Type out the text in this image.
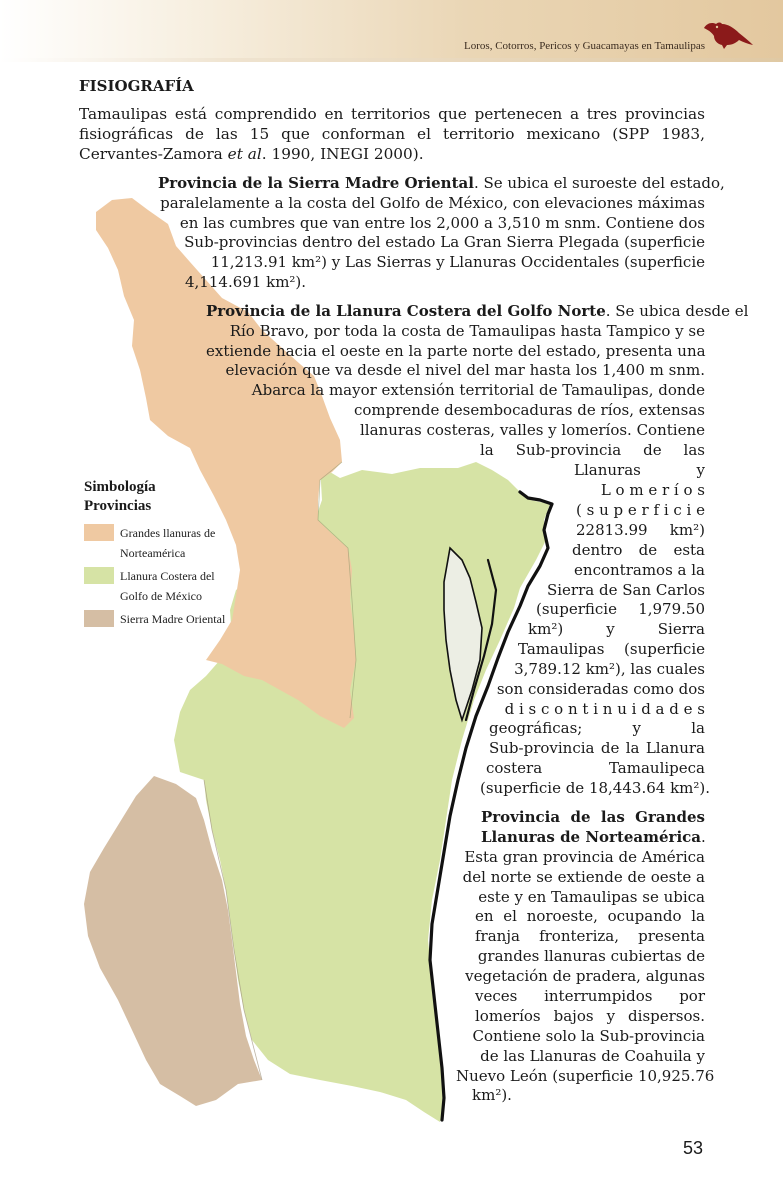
Loros, Cotorros, Pericos y Guacamayas en Tamaulipas
FISIOGRAFÍA

Tamaulipas está comprendido en territorios que pertenecen a tres provincias fisiográficas de las 15 que conforman el territorio mexicano (SPP 1983, Cervantes-Zamora et al. 1990, INEGI 2000).

Provincia de la Sierra Madre Oriental. Se ubica el suroeste del estado,
paralelamente a la costa del Golfo de México, con elevaciones máximas
en las cumbres que van entre los 2,000 a 3,510 m snm. Contiene dos
Sub-provincias dentro del estado La Gran Sierra Plegada (superficie
11,213.91 km²) y Las Sierras y Llanuras Occidentales (superficie
4,114.691 km²).

Provincia de la Llanura Costera del Golfo Norte. Se ubica desde el
Río Bravo, por toda la costa de Tamaulipas hasta Tampico y se
extiende hacia el oeste en la parte norte del estado, presenta una
elevación que va desde el nivel del mar hasta los 1,400 m snm.
Abarca la mayor extensión territorial de Tamaulipas, donde
comprende desembocaduras de ríos, extensas
llanuras costeras, valles y lomeríos. Contiene

la Sub-provincia de las

Llanuras y

L o m e r í o s
( s u p e r f i c i e

22813.99 km²)

dentro de esta

encontramos a la
Sierra de San Carlos

(superficie 1,979.50

km²) y Sierra

Tamaulipas (superficie

3,789.12 km²), las cuales
son consideradas como dos
d i s c o n t i n u i d a d e s

geográficas; y la
Sub-provincia de la Llanura

costera Tamaulipeca

(superficie de 18,443.64 km²).

Provincia de las Grandes
Llanuras de Norteamérica.

Esta gran provincia de América
del norte se extiende de oeste a
este y en Tamaulipas se ubica

en el noroeste, ocupando la
franja fronteriza, presenta

grandes llanuras cubiertas de
vegetación de pradera, algunas

veces interrumpidos por
lomeríos bajos y dispersos.

Contiene solo la Sub-provincia
de las Llanuras de Coahuila y
Nuevo León (superficie 10,925.76

km²).

Simbología
Provincias

Grandes llanuras de
Norteamérica
Llanura Costera del
Golfo de México
Sierra Madre Oriental
53
